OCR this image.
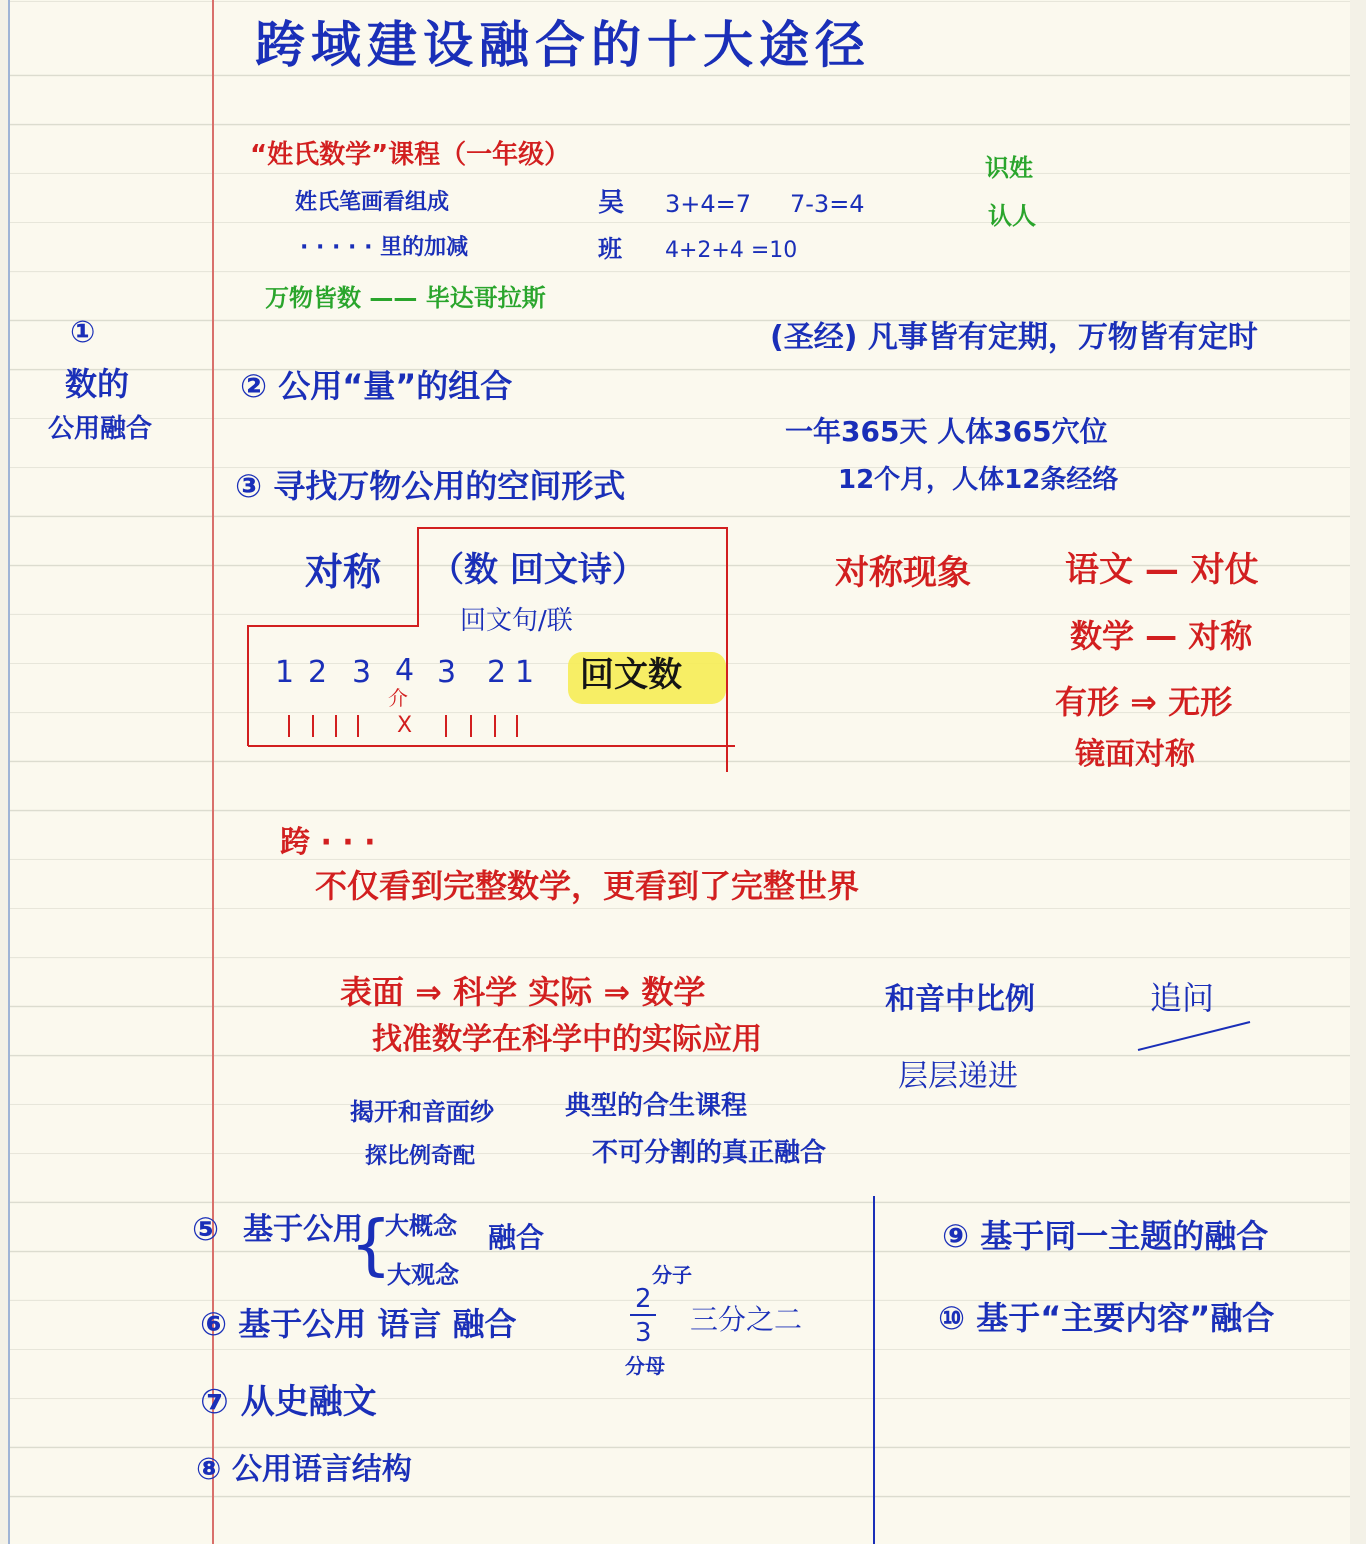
跨域建设融合的十大途径
①
数的
公用融合
“姓氏数学”课程（一年级）
姓氏笔画看组成
· · · · · 里的加减
吴 3+4=7 7-3=4
班 4+2+4 =10
识姓
认人
万物皆数 —— 毕达哥拉斯
(圣经) 凡事皆有定期，万物皆有定时
一年365天 人体365穴位
12个月，人体12条经络
② 公用“量”的组合
③ 寻找万物公用的空间形式
对称 （数 回文诗）
回文句/联
回文数
1 2 3 4 3 2 1
介
X
对称现象	语文 — 对仗
数学 — 对称
有形 ⇒ 无形
镜面对称
跨 · · ·
不仅看到完整数学，更看到了完整世界
表面 ⇒ 科学 实际 ⇒ 数学
找准数学在科学中的实际应用
揭开和音面纱
探比例奇配
典型的合生课程
不可分割的真正融合
和音中比例
层层递进
追问
⑤ 基于公用
{
大概念
大观念
融合
⑥ 基于公用 语言 融合
分子
2
3
分母
三分之二
⑦ 从史融文
⑧ 公用语言结构
⑨ 基于同一主题的融合
⑩ 基于“主要内容”融合
